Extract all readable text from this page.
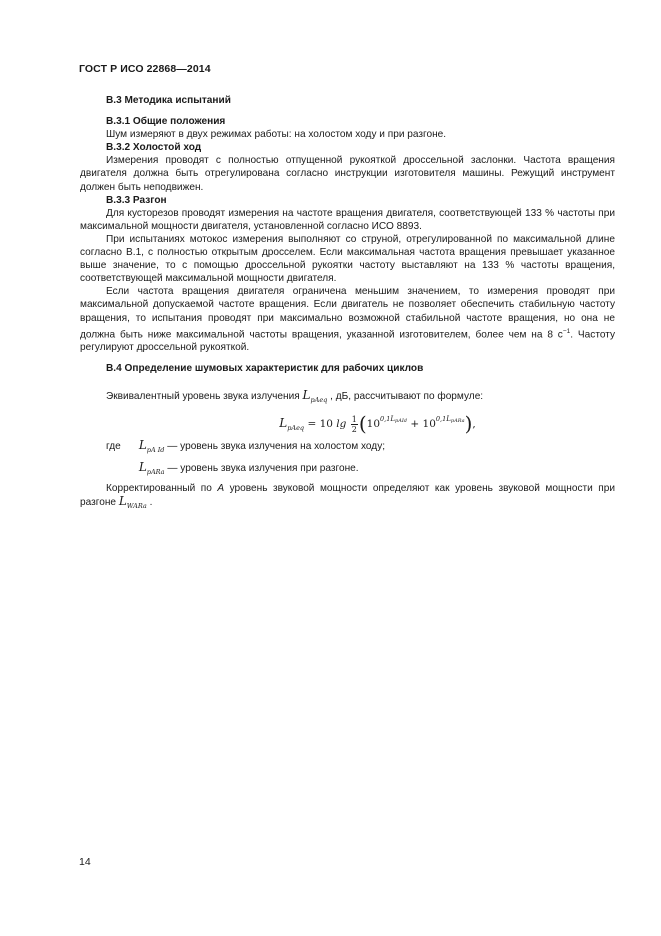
ГОСТ Р ИСО 22868—2014

В.3 Методика испытаний

В.3.1 Общие положения

Шум измеряют в двух режимах работы: на холостом ходу и при разгоне.

В.3.2 Холостой ход

Измерения проводят с полностью отпущенной рукояткой дроссельной заслонки. Частота вращения двигателя должна быть отрегулирована согласно инструкции изготовителя машины. Режущий инструмент должен быть неподвижен.

В.3.3 Разгон

Для кусторезов проводят измерения на частоте вращения двигателя, соответствующей 133 % частоты при максимальной мощности двигателя, установленной согласно ИСО 8893.

При испытаниях мотокос измерения выполняют со струной, отрегулированной по максимальной длине согласно В.1, с полностью открытым дросселем. Если максимальная частота вращения превышает указанное выше значение, то с помощью дроссельной рукоятки частоту выставляют на 133 % частоты вращения, соответствующей максимальной мощности двигателя.

Если частота вращения двигателя ограничена меньшим значением, то измерения проводят при максимальной допускаемой частоте вращения. Если двигатель не позволяет обеспечить стабильную частоту вращения, то испытания проводят при максимально возможной стабильной частоте вращения, но она не должна быть ниже максимальной частоты вращения, указанной изготовителем, более чем на 8 $с^{-1}$. Частоту регулируют дроссельной рукояткой.

В.4 Определение шумовых характеристик для рабочих циклов

Эквивалентный уровень звука излучения $L_{pAeq}$ , дБ, рассчитывают по формуле:

$L_{pAeq} = 10$ $\lg \frac{1}{2} (10^{0,1LpAId} + 10^{0,1LpARa})$,

где $L_{pA Id}$ — уровень звука излучения на холостом ходу;

$L_{pARa}$ — уровень звука излучения при разгоне.

Корректированный по А уровень звуковой мощности определяют как уровень звуковой мощности при разгоне $L_{WARa}$ .

14
